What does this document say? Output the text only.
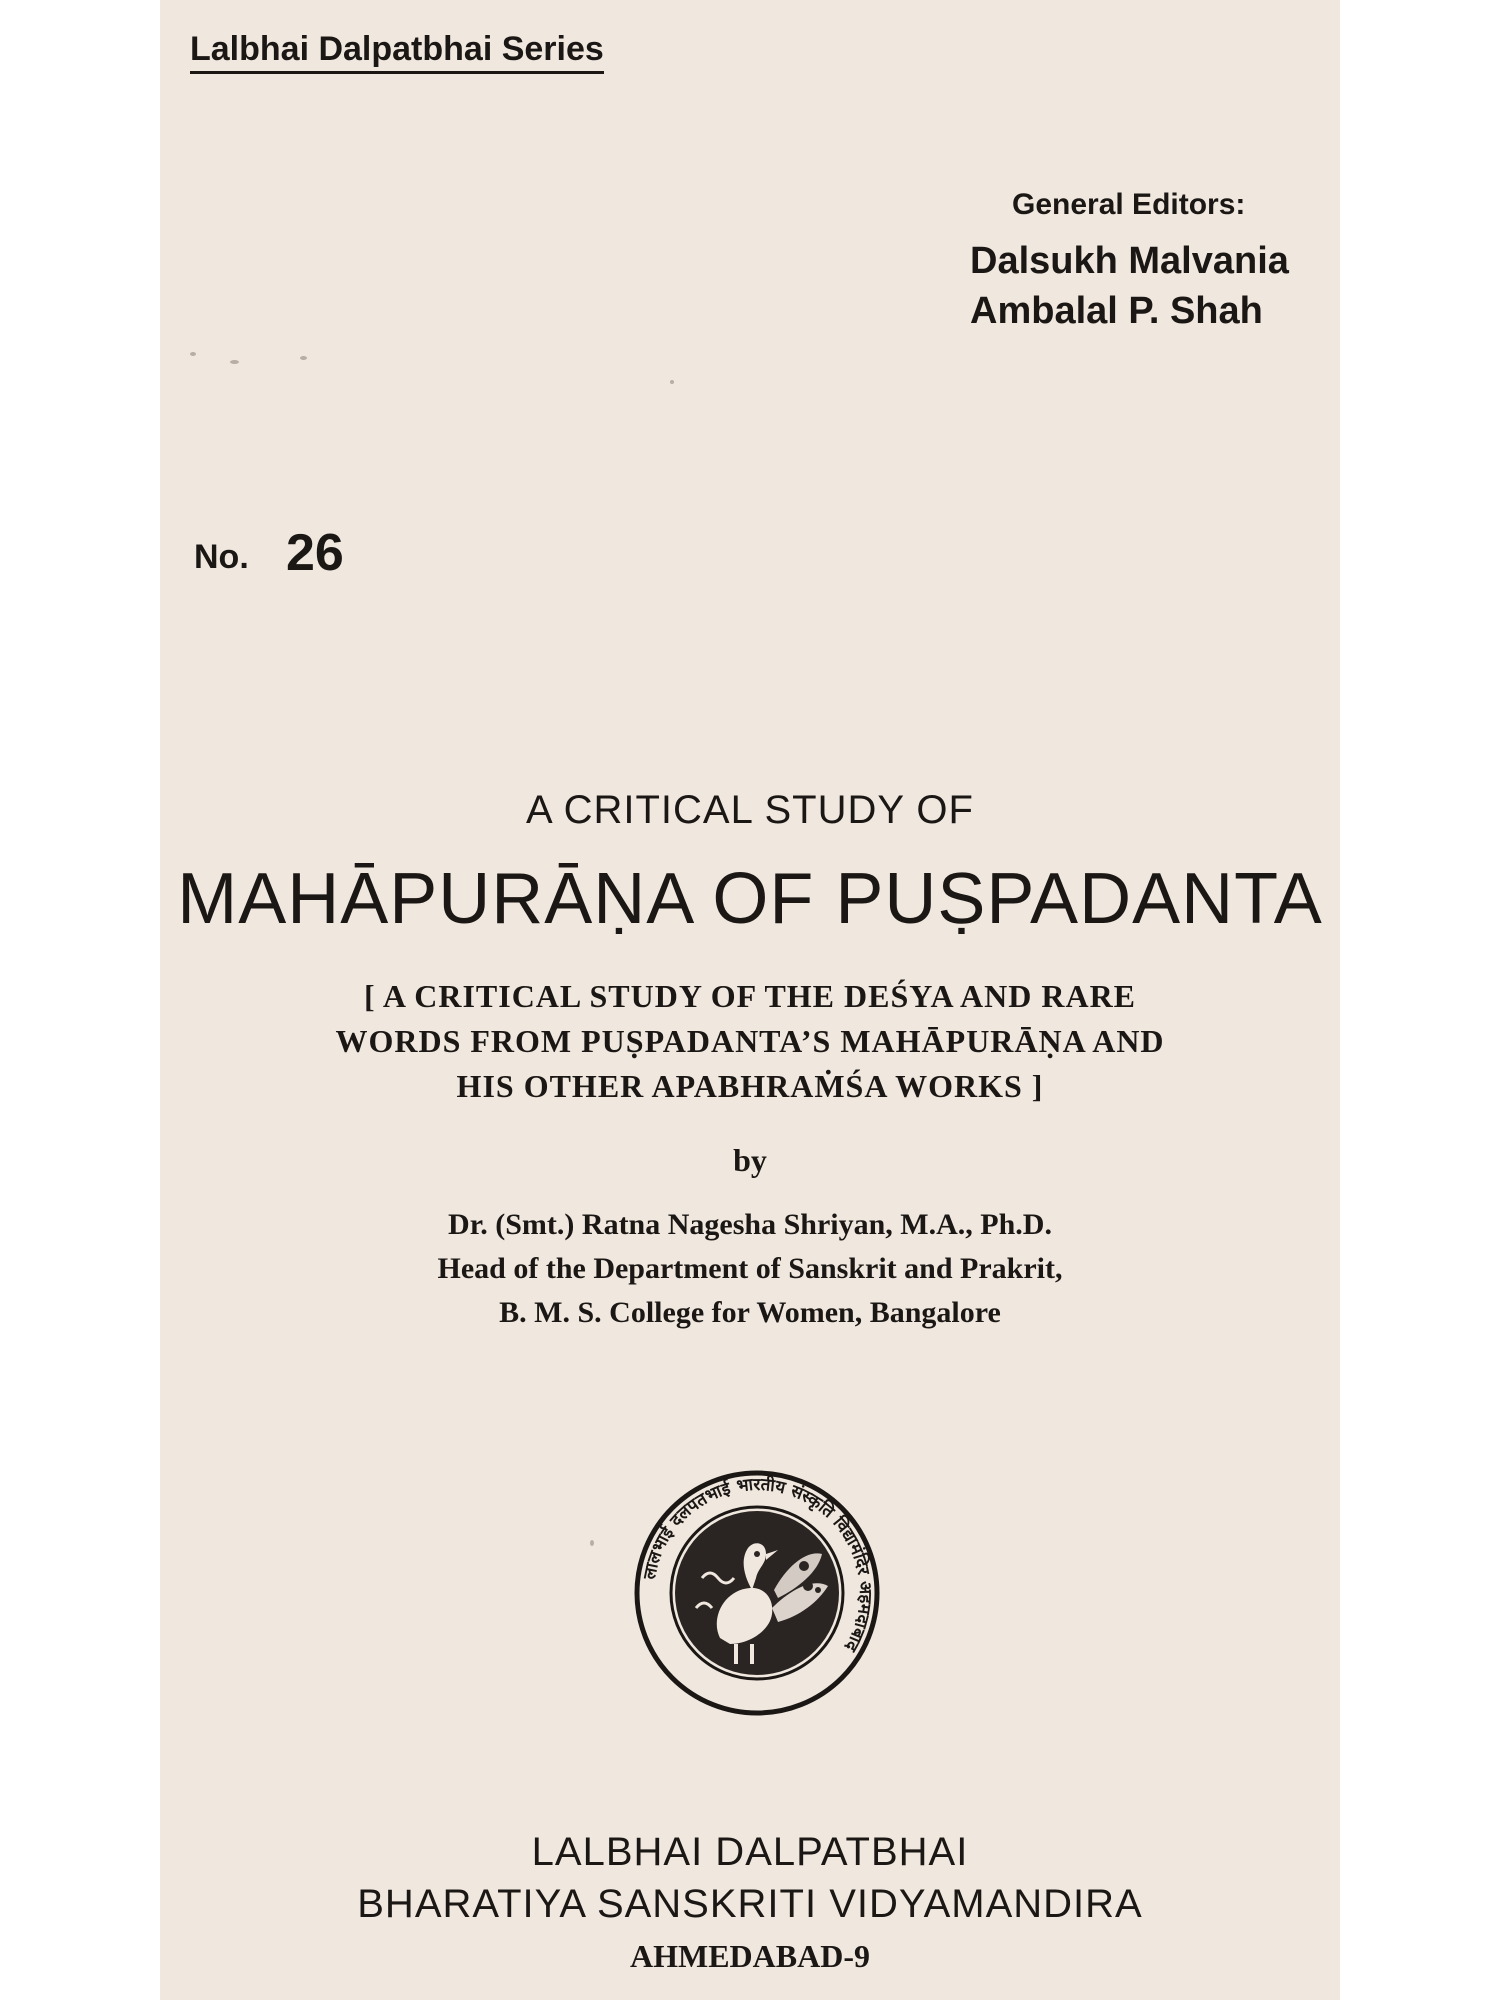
Lalbhai Dalpatbhai Series
General Editors:
Dalsukh Malvania
Ambalal P. Shah
No. 26
A CRITICAL STUDY OF
MAHĀPURĀṆA OF PUṢPADANTA
[ A CRITICAL STUDY OF THE DEŚYA AND RARE
WORDS FROM PUṢPADANTA’S MAHĀPURĀṆA AND
HIS OTHER APABHRAṀŚA WORKS ]
by
Dr. (Smt.) Ratna Nagesha Shriyan, M.A., Ph.D.
Head of the Department of Sanskrit and Prakrit,
B. M. S. College for Women, Bangalore
लालभाई दलपतभाई भारतीय संस्कृति विद्यामंदिर अहमदाबाद
LALBHAI DALPATBHAI
BHARATIYA SANSKRITI VIDYAMANDIRA
AHMEDABAD-9
